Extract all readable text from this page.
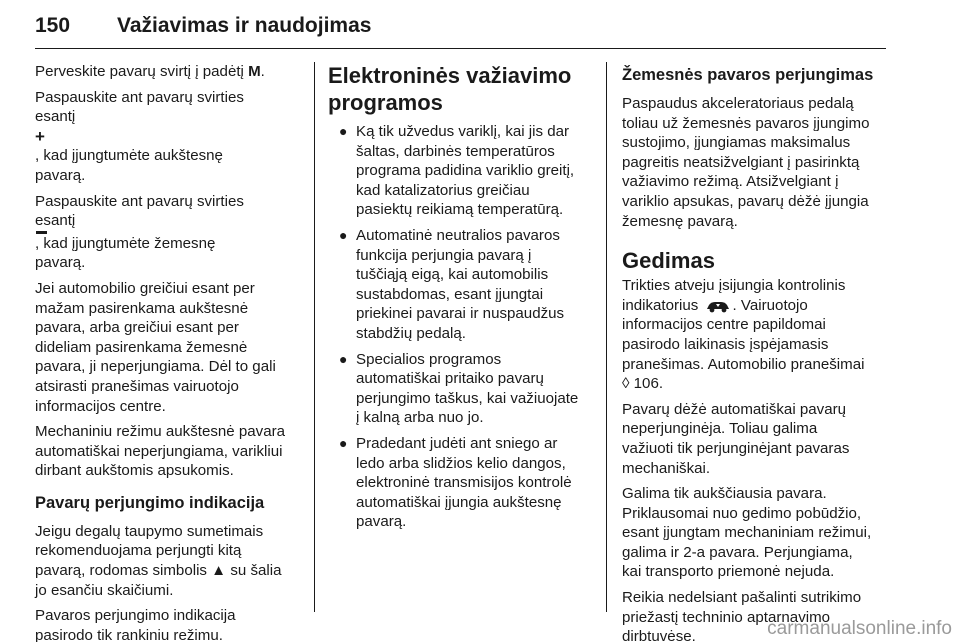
150 Važiavimas ir naudojimas

Perveskite pavarų svirtį į padėtį M.

Paspauskite ant pavarų svirties
esantį
+
, kad įjungtumėte aukštesnę
pavarą.

Paspauskite ant pavarų svirties
esantį
, kad įjungtumėte žemesnę
pavarą.

Jei automobilio greičiui esant per
mažam pasirenkama aukštesnė
pavara, arba greičiui esant per
dideliam pasirenkama žemesnė
pavara, ji neperjungiama. Dėl to gali
atsirasti pranešimas vairuotojo
informacijos centre.

Mechaniniu režimu aukštesnė pavara
automatiškai neperjungiama, varikliui
dirbant aukštomis apsukomis.

Pavarų perjungimo indikacija

Jeigu degalų taupymo sumetimais
rekomenduojama perjungti kitą
pavarą, rodomas simbolis ▲ su šalia
jo esančiu skaičiumi.

Pavaros perjungimo indikacija
pasirodo tik rankiniu režimu.

Elektroninės važiavimo
programos
● Ką tik užvedus variklį, kai jis dar
šaltas, darbinės temperatūros
programa padidina variklio greitį,
kad katalizatorius greičiau
pasiektų reikiamą temperatūrą.
● Automatinė neutralios pavaros
funkcija perjungia pavarą į
tuščiąją eigą, kai automobilis
sustabdomas, esant įjungtai
priekinei pavarai ir nuspaudžus
stabdžių pedalą.
● Specialios programos
automatiškai pritaiko pavarų
perjungimo taškus, kai važiuojate
į kalną arba nuo jo.
● Pradedant judėti ant sniego ar
ledo arba slidžios kelio dangos,
elektroninė transmisijos kontrolė
automatiškai įjungia aukštesnę
pavarą.
Žemesnės pavaros perjungimas

Paspaudus akceleratoriaus pedalą
toliau už žemesnės pavaros įjungimo
sustojimo, įjungiamas maksimalus
pagreitis neatsižvelgiant į pasirinktą
važiavimo režimą. Atsižvelgiant į
variklio apsukas, pavarų dėžė įjungia
žemesnę pavarą.

Gedimas

Trikties atveju įsijungia kontrolinis
indikatorius . Vairuotojo
informacijos centre papildomai
pasirodo laikinasis įspėjamasis
pranešimas. Automobilio pranešimai
◊ 106.

Pavarų dėžė automatiškai pavarų
neperjunginėja. Toliau galima
važiuoti tik perjunginėjant pavaras
mechaniškai.

Galima tik aukščiausia pavara.
Priklausomai nuo gedimo pobūdžio,
esant įjungtam mechaniniam režimui,
galima ir 2-a pavara. Perjungiama,
kai transporto priemonė nejuda.

Reikia nedelsiant pašalinti sutrikimo
priežastį techninio aptarnavimo
dirbtuvėse.	carmanualsonline.info
